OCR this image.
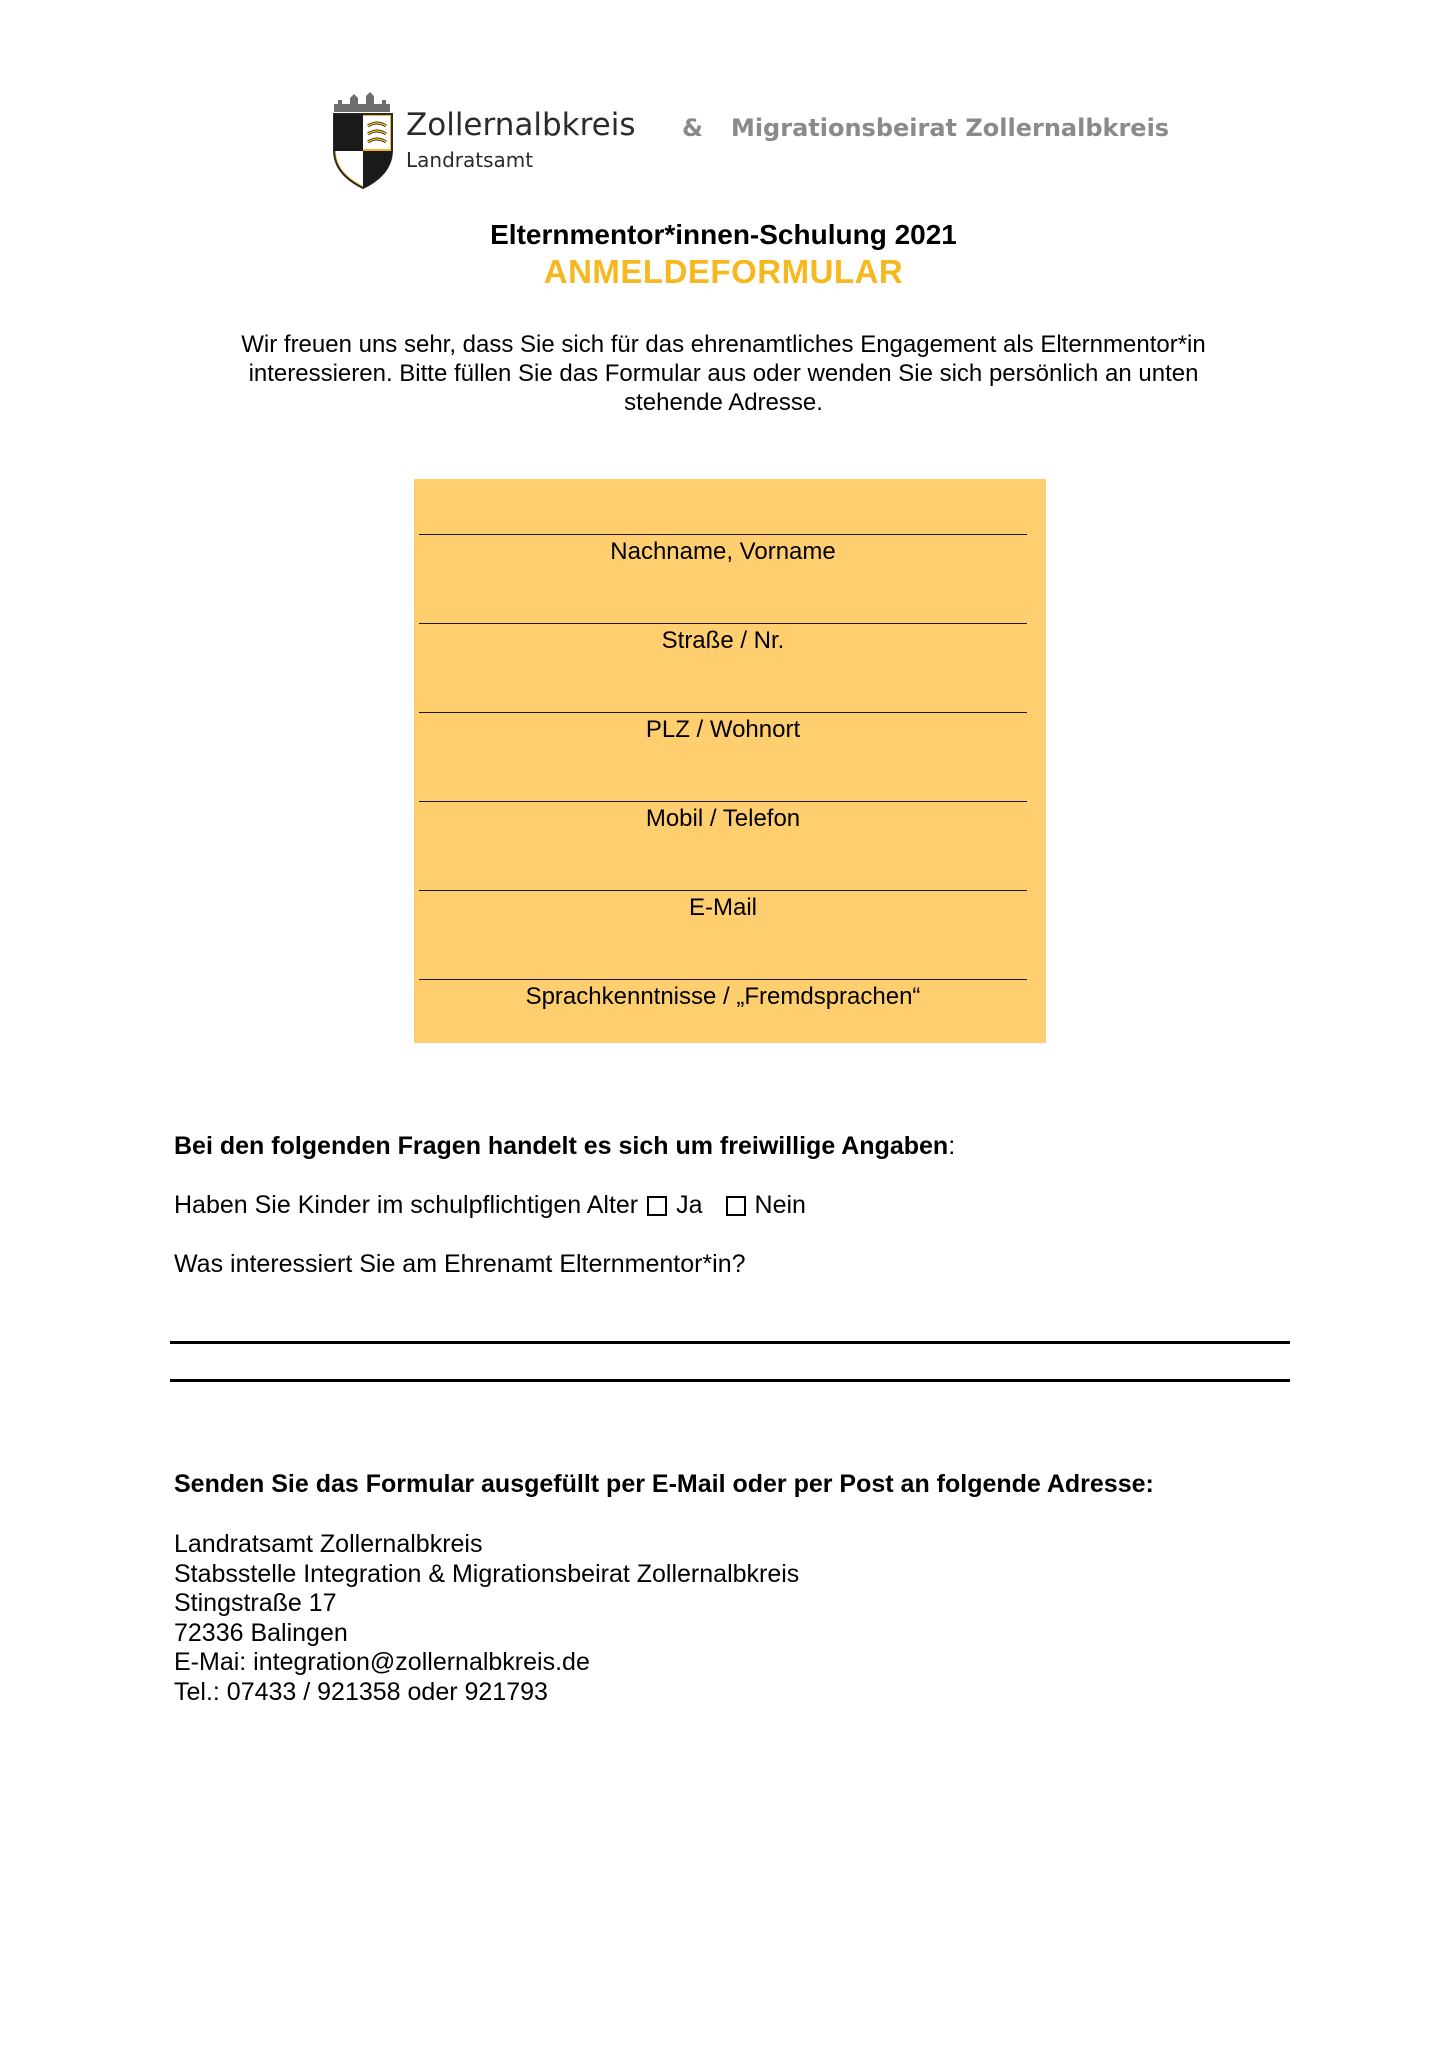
Zollernalbkreis
Landratsamt
& Migrationsbeirat Zollernalbkreis
Elternmentor*innen-Schulung 2021
ANMELDEFORMULAR
Wir freuen uns sehr, dass Sie sich für das ehrenamtliches Engagement als Elternmentor*in
interessieren. Bitte füllen Sie das Formular aus oder wenden Sie sich persönlich an unten
stehende Adresse.
Nachname, Vorname
Straße / Nr.
PLZ / Wohnort
Mobil / Telefon
E-Mail
Sprachkenntnisse / „Fremdsprachen“
Bei den folgenden Fragen handelt es sich um freiwillige Angaben:
Haben Sie Kinder im schulpflichtigen Alter Ja Nein
Was interessiert Sie am Ehrenamt Elternmentor*in?
Senden Sie das Formular ausgefüllt per E-Mail oder per Post an folgende Adresse:
Landratsamt Zollernalbkreis
Stabsstelle Integration & Migrationsbeirat Zollernalbkreis
Stingstraße 17
72336 Balingen
E-Mai: integration@zollernalbkreis.de
Tel.: 07433 / 921358 oder 921793
